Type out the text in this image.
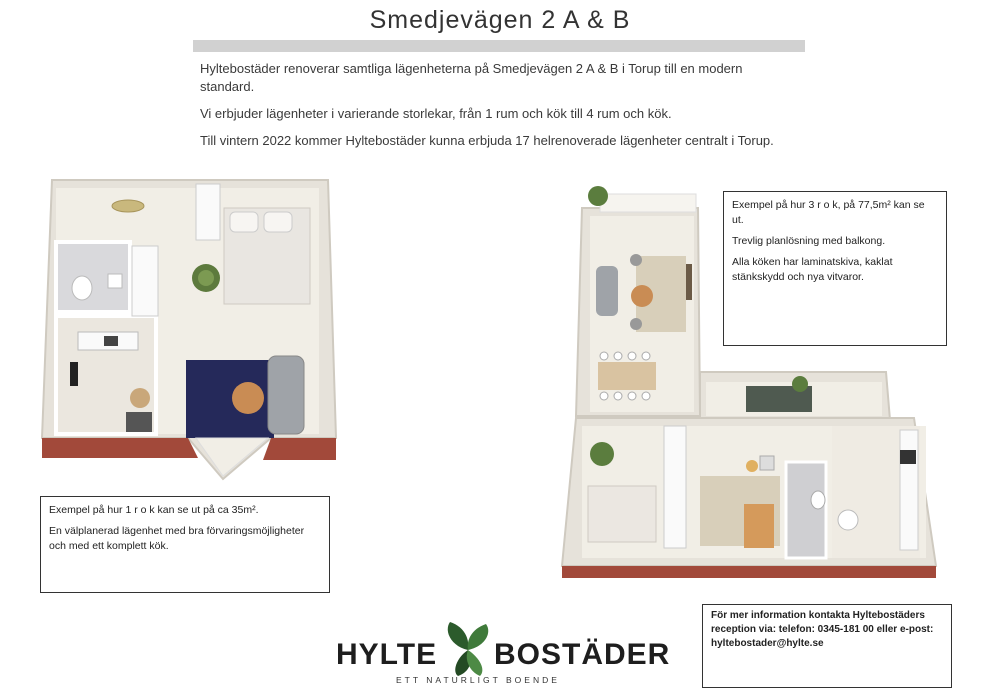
Smedjevägen 2 A & B

Hyltebostäder renoverar samtliga lägenheterna på Smedjevägen 2 A & B i Torup till en modern standard.

Vi erbjuder lägenheter i varierande storlekar, från 1 rum och kök till 4 rum och kök.

Till vintern 2022 kommer Hyltebostäder kunna erbjuda 17 helrenoverade lägenheter centralt i Torup.

Exempel på hur 1 r o k kan se ut på ca 35m².

En välplanerad lägenhet med bra förvaringsmöjligheter och med ett komplett kök.

Exempel på hur 3 r o k, på 77,5m² kan se ut.

Trevlig planlösning med balkong.

Alla köken har laminatskiva, kaklat stänkskydd och nya vitvaror.

För mer information kontakta Hyltebostäders
reception via: telefon: 0345-181 00 eller e-post:
hyltebostader@hylte.se
HYLTE BOSTÄDER
ETT NATURLIGT BOENDE
